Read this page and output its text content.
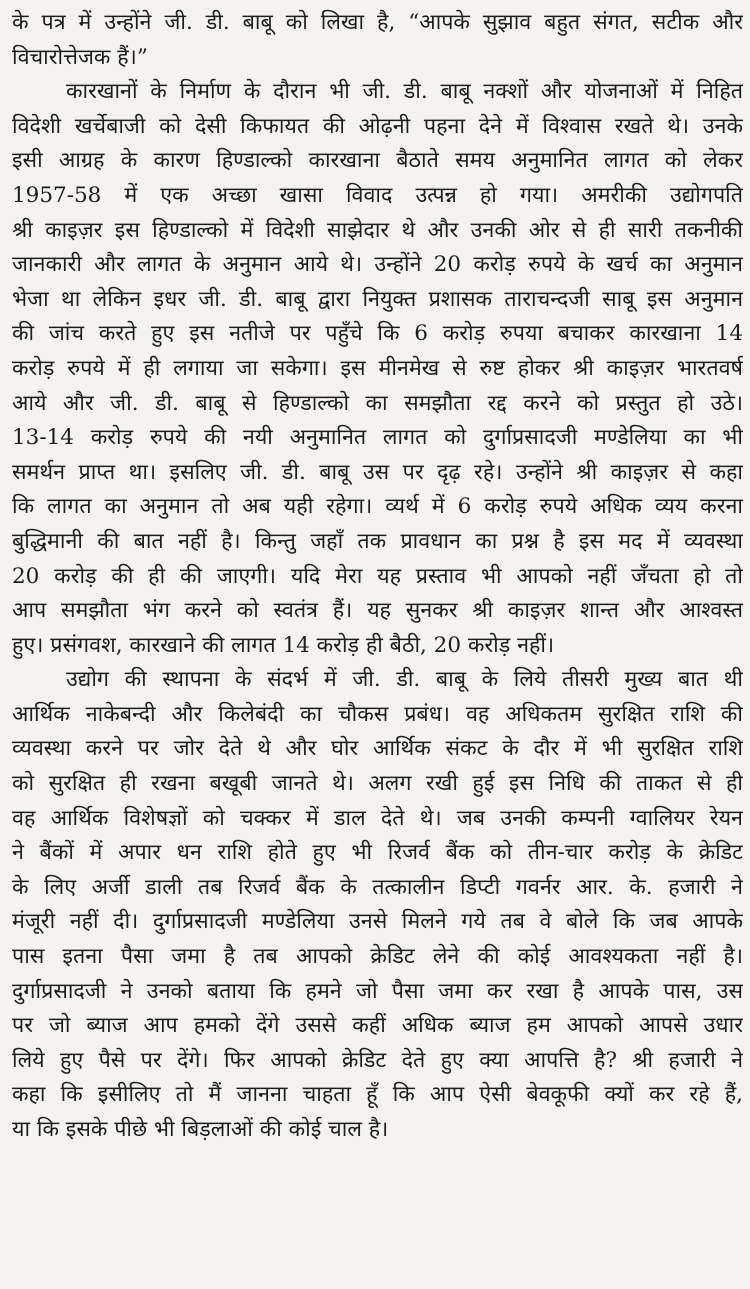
के पत्र में उन्होंने जी. डी. बाबू को लिखा है, “आपके सुझाव बहुत संगत, सटीक और
विचारोत्तेजक हैं।”
कारखानों के निर्माण के दौरान भी जी. डी. बाबू नक्शों और योजनाओं में निहित
विदेशी खर्चेबाजी को देसी किफायत की ओढ़नी पहना देने में विश्वास रखते थे। उनके
इसी आग्रह के कारण हिण्डाल्को कारखाना बैठाते समय अनुमानित लागत को लेकर
1957-58 में एक अच्छा खासा विवाद उत्पन्न हो गया। अमरीकी उद्योगपति
श्री काइज़र इस हिण्डाल्को में विदेशी साझेदार थे और उनकी ओर से ही सारी तकनीकी
जानकारी और लागत के अनुमान आये थे। उन्होंने 20 करोड़ रुपये के खर्च का अनुमान
भेजा था लेकिन इधर जी. डी. बाबू द्वारा नियुक्त प्रशासक ताराचन्दजी साबू इस अनुमान
की जांच करते हुए इस नतीजे पर पहुँचे कि 6 करोड़ रुपया बचाकर कारखाना 14
करोड़ रुपये में ही लगाया जा सकेगा। इस मीनमेख से रुष्ट होकर श्री काइज़र भारतवर्ष
आये और जी. डी. बाबू से हिण्डाल्को का समझौता रद्द करने को प्रस्तुत हो उठे।
13-14 करोड़ रुपये की नयी अनुमानित लागत को दुर्गाप्रसादजी मण्डेलिया का भी
समर्थन प्राप्त था। इसलिए जी. डी. बाबू उस पर दृढ़ रहे। उन्होंने श्री काइज़र से कहा
कि लागत का अनुमान तो अब यही रहेगा। व्यर्थ में 6 करोड़ रुपये अधिक व्यय करना
बुद्धिमानी की बात नहीं है। किन्तु जहाँ तक प्रावधान का प्रश्न है इस मद में व्यवस्था
20 करोड़ की ही की जाएगी। यदि मेरा यह प्रस्ताव भी आपको नहीं जँचता हो तो
आप समझौता भंग करने को स्वतंत्र हैं। यह सुनकर श्री काइज़र शान्त और आश्वस्त
हुए। प्रसंगवश, कारखाने की लागत 14 करोड़ ही बैठी, 20 करोड़ नहीं।
उद्योग की स्थापना के संदर्भ में जी. डी. बाबू के लिये तीसरी मुख्य बात थी
आर्थिक नाकेबन्दी और किलेबंदी का चौकस प्रबंध। वह अधिकतम सुरक्षित राशि की
व्यवस्था करने पर जोर देते थे और घोर आर्थिक संकट के दौर में भी सुरक्षित राशि
को सुरक्षित ही रखना बखूबी जानते थे। अलग रखी हुई इस निधि की ताकत से ही
वह आर्थिक विशेषज्ञों को चक्कर में डाल देते थे। जब उनकी कम्पनी ग्वालियर रेयन
ने बैंकों में अपार धन राशि होते हुए भी रिजर्व बैंक को तीन-चार करोड़ के क्रेडिट
के लिए अर्जी डाली तब रिजर्व बैंक के तत्कालीन डिप्टी गवर्नर आर. के. हजारी ने
मंजूरी नहीं दी। दुर्गाप्रसादजी मण्डेलिया उनसे मिलने गये तब वे बोले कि जब आपके
पास इतना पैसा जमा है तब आपको क्रेडिट लेने की कोई आवश्यकता नहीं है।
दुर्गाप्रसादजी ने उनको बताया कि हमने जो पैसा जमा कर रखा है आपके पास, उस
पर जो ब्याज आप हमको देंगे उससे कहीं अधिक ब्याज हम आपको आपसे उधार
लिये हुए पैसे पर देंगे। फिर आपको क्रेडिट देते हुए क्या आपत्ति है? श्री हजारी ने
कहा कि इसीलिए तो मैं जानना चाहता हूँ कि आप ऐसी बेवकूफी क्यों कर रहे हैं,
या कि इसके पीछे भी बिड़लाओं की कोई चाल है।
